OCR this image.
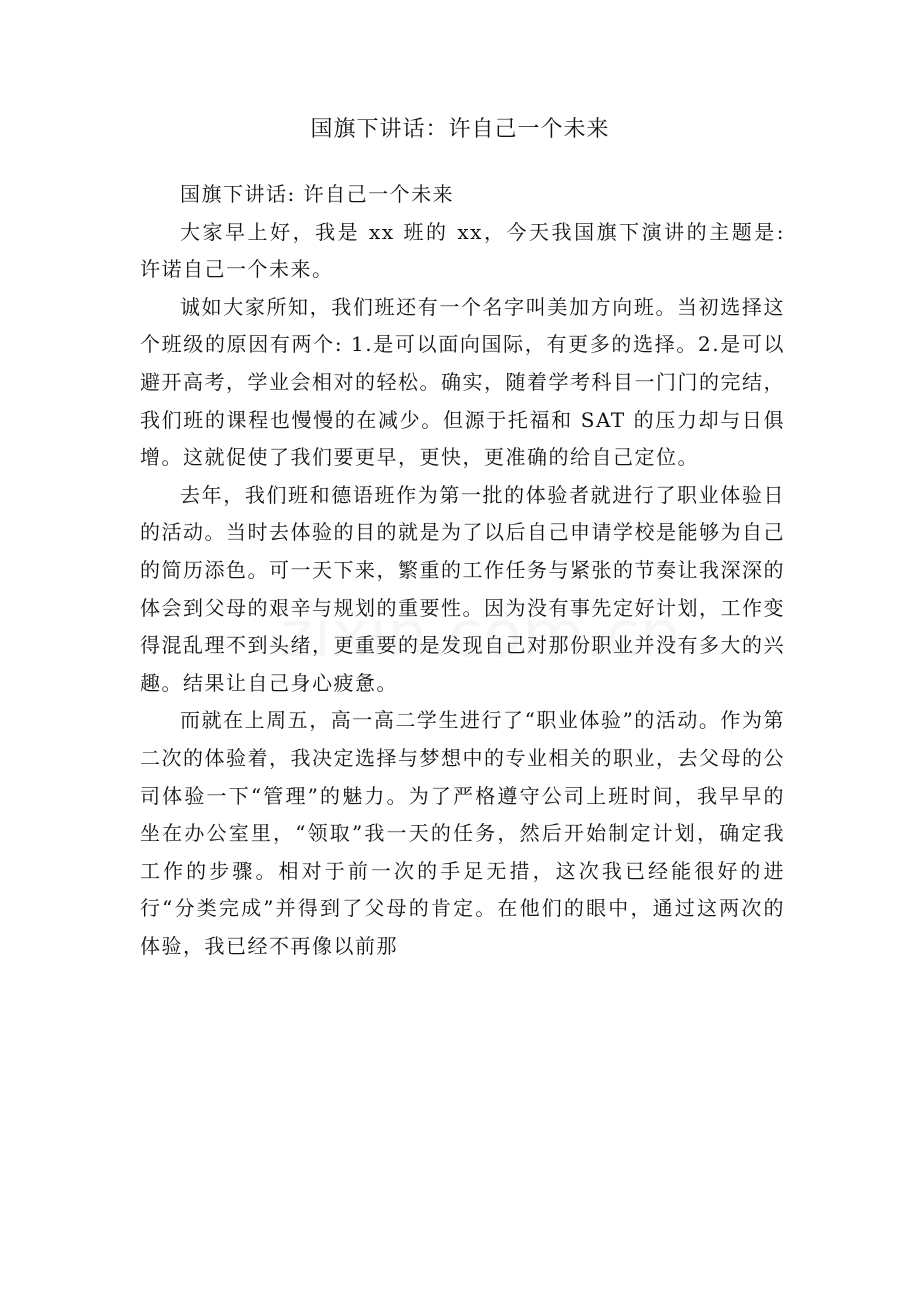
国旗下讲话：许自己一个未来

国旗下讲话: 许自己一个未来

大家早上好，我是 xx 班的 xx，今天我国旗下演讲的主题是: 许诺自己一个未来。

诚如大家所知，我们班还有一个名字叫美加方向班。当初选择这个班级的原因有两个: 1.是可以面向国际，有更多的选择。2.是可以避开高考，学业会相对的轻松。确实，随着学考科目一门门的完结，我们班的课程也慢慢的在减少。但源于托福和 SAT 的压力却与日俱增。这就促使了我们要更早，更快，更准确的给自己定位。

去年，我们班和德语班作为第一批的体验者就进行了职业体验日的活动。当时去体验的目的就是为了以后自己申请学校是能够为自己的简历添色。可一天下来，繁重的工作任务与紧张的节奏让我深深的体会到父母的艰辛与规划的重要性。因为没有事先定好计划，工作变得混乱理不到头绪，更重要的是发现自己对那份职业并没有多大的兴趣。结果让自己身心疲惫。

而就在上周五，高一高二学生进行了“职业体验”的活动。作为第二次的体验着，我决定选择与梦想中的专业相关的职业，去父母的公司体验一下“管理”的魅力。为了严格遵守公司上班时间，我早早的坐在办公室里，“领取”我一天的任务，然后开始制定计划，确定我工作的步骤。相对于前一次的手足无措，这次我已经能很好的进行“分类完成”并得到了父母的肯定。在他们的眼中，通过这两次的体验，我已经不再像以前那
